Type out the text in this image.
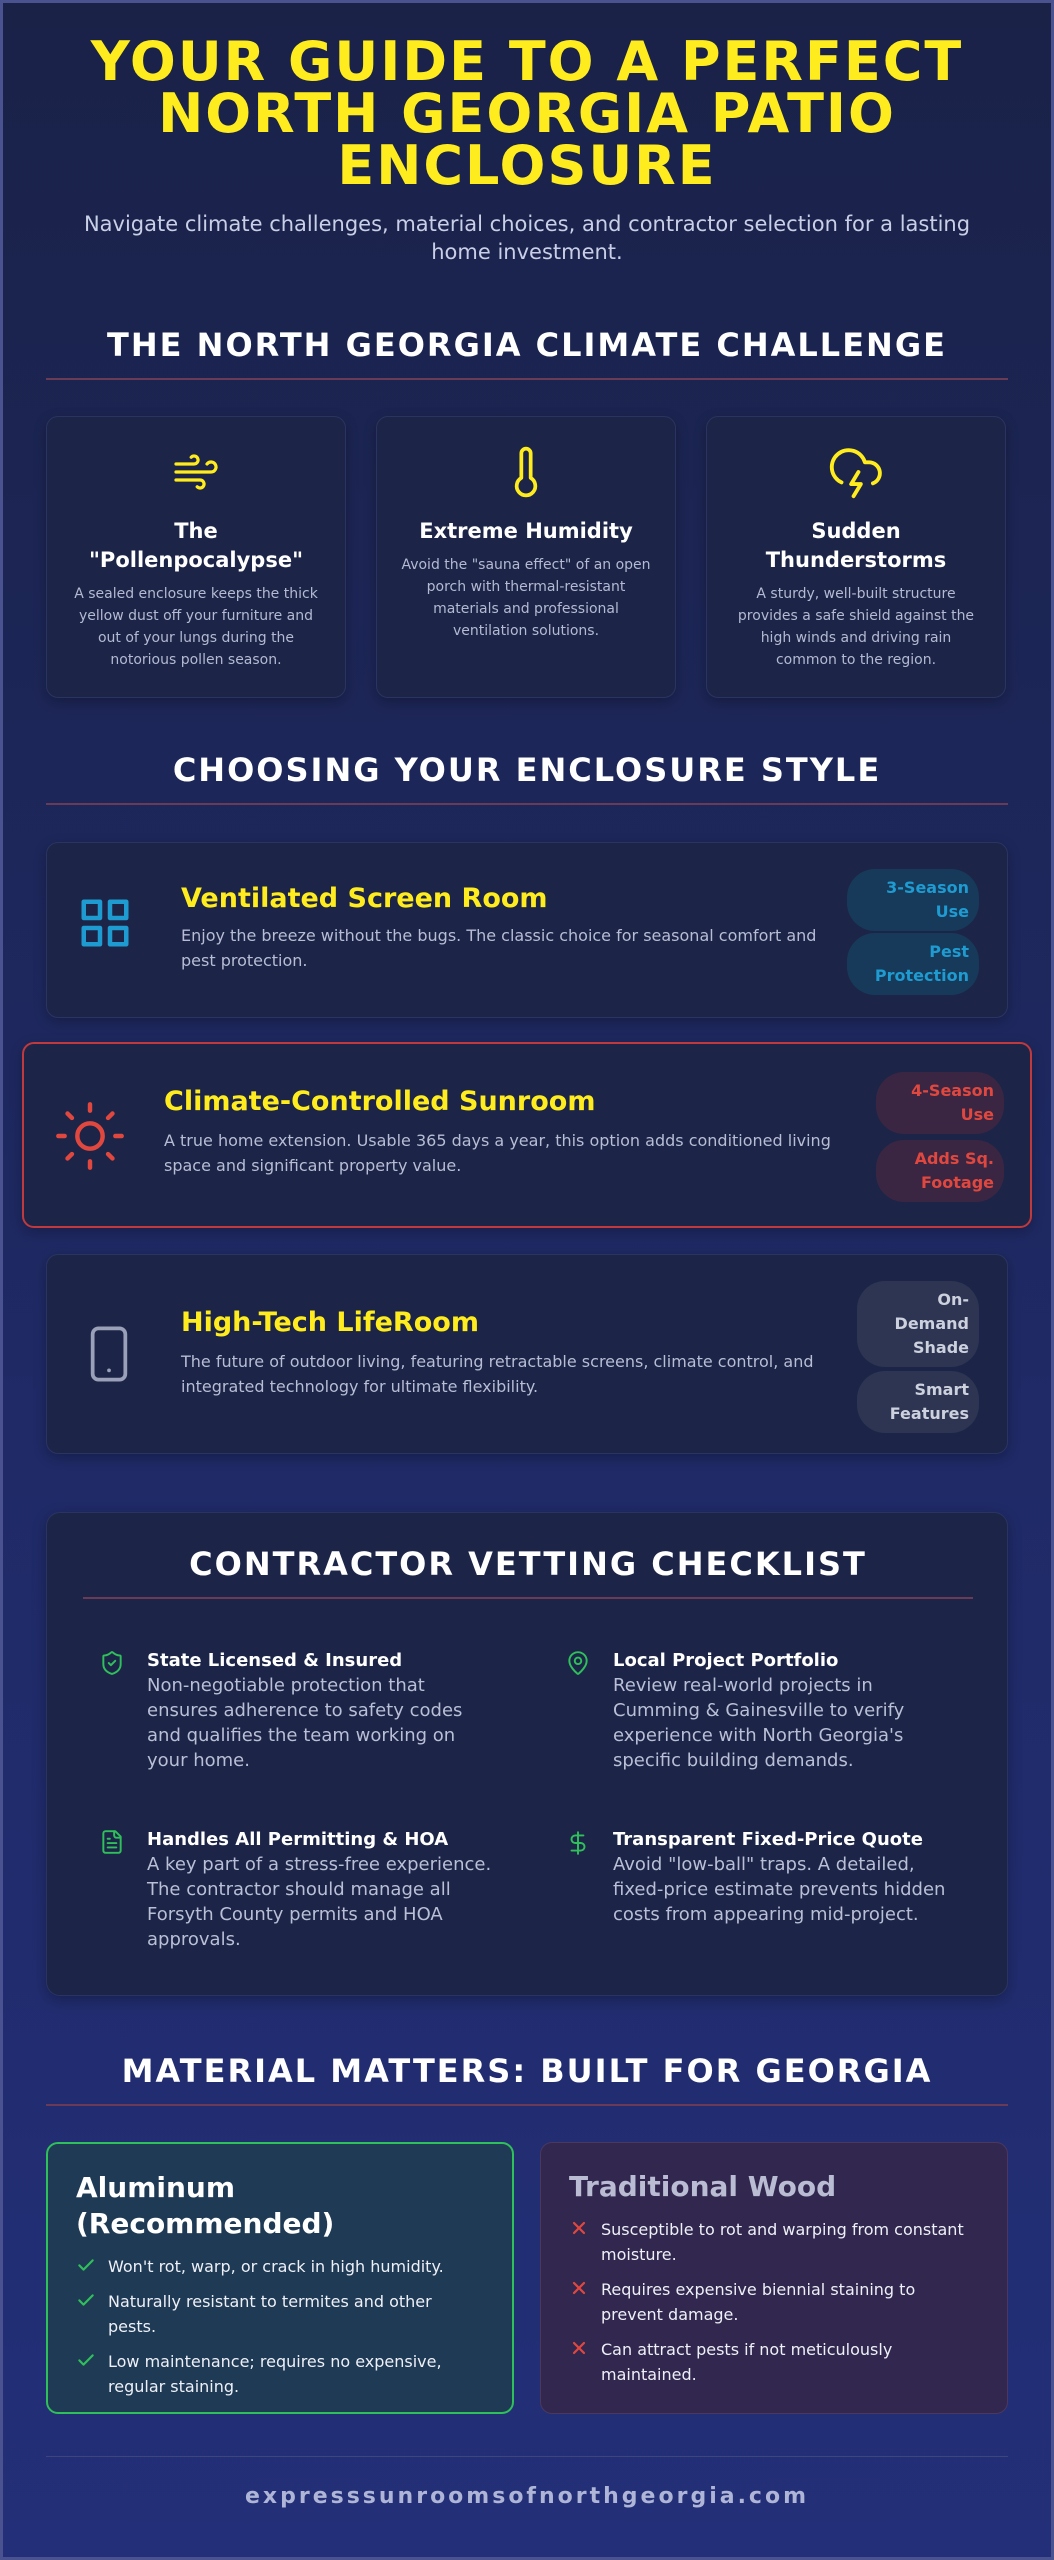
YOUR GUIDE TO A PERFECT NORTH GEORGIA PATIO ENCLOSURE

Navigate climate challenges, material choices, and contractor selection for a lasting home investment.

THE NORTH GEORGIA CLIMATE CHALLENGE
The "Pollenpocalypse"
A sealed enclosure keeps the thick yellow dust off your furniture and out of your lungs during the notorious pollen season.
Extreme Humidity
Avoid the "sauna effect" of an open porch with thermal-resistant materials and professional ventilation solutions.
Sudden Thunderstorms
A sturdy, well-built structure provides a safe shield against the high winds and driving rain common to the region.
CHOOSING YOUR ENCLOSURE STYLE
Ventilated Screen Room
Enjoy the breeze without the bugs. The classic choice for seasonal comfort and pest protection.
3-Season Use
Pest Protection
Climate-Controlled Sunroom
A true home extension. Usable 365 days a year, this option adds conditioned living space and significant property value.
4-Season Use
Adds Sq. Footage
High-Tech LifeRoom
The future of outdoor living, featuring retractable screens, climate control, and integrated technology for ultimate flexibility.
On-Demand Shade
Smart Features
CONTRACTOR VETTING CHECKLIST
State Licensed & Insured
Non-negotiable protection that ensures adherence to safety codes and qualifies the team working on your home.
Local Project Portfolio
Review real-world projects in Cumming & Gainesville to verify experience with North Georgia's specific building demands.
Handles All Permitting & HOA
A key part of a stress-free experience. The contractor should manage all Forsyth County permits and HOA approvals.
Transparent Fixed-Price Quote
Avoid "low-ball" traps. A detailed, fixed-price estimate prevents hidden costs from appearing mid-project.
MATERIAL MATTERS: BUILT FOR GEORGIA
Aluminum (Recommended)
Won't rot, warp, or crack in high humidity.
Naturally resistant to termites and other pests.
Low maintenance; requires no expensive, regular staining.
Traditional Wood
Susceptible to rot and warping from constant moisture.
Requires expensive biennial staining to prevent damage.
Can attract pests if not meticulously maintained.
expresssunroomsofnorthgeorgia.com
